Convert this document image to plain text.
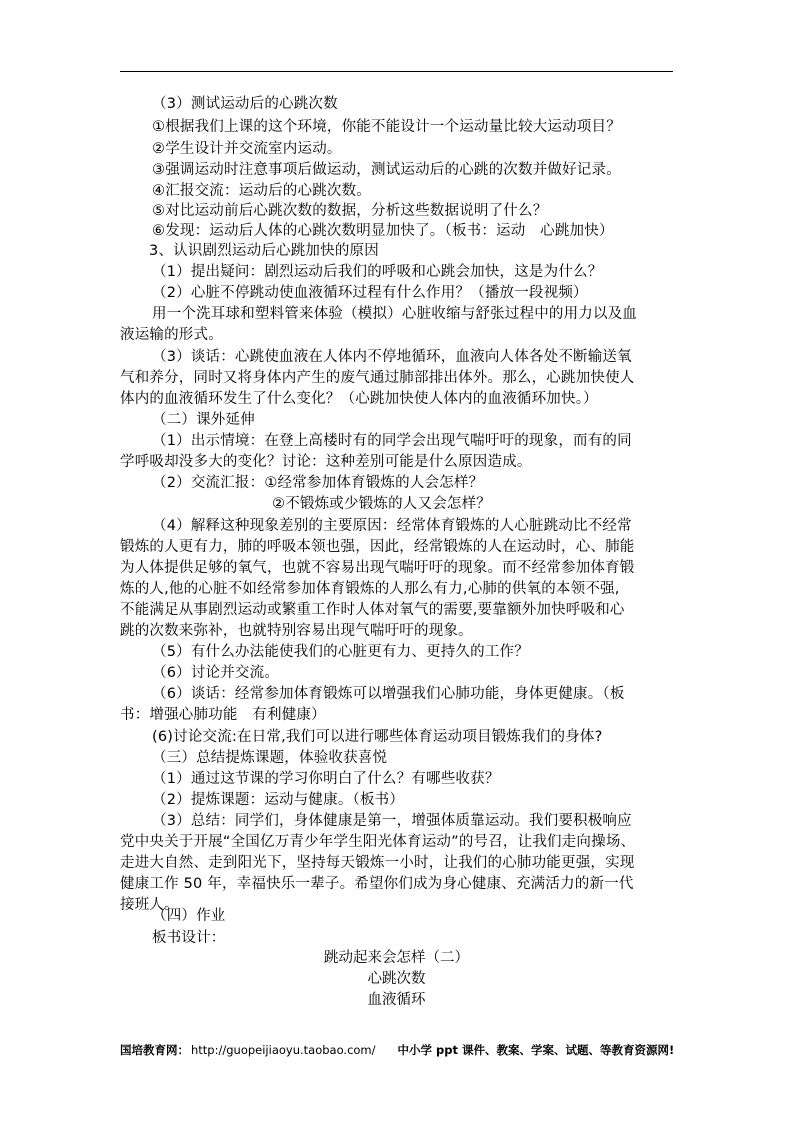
（3）测试运动后的心跳次数
①根据我们上课的这个环境，你能不能设计一个运动量比较大运动项目？
②学生设计并交流室内运动。
③强调运动时注意事项后做运动，测试运动后的心跳的次数并做好记录。
④汇报交流：运动后的心跳次数。
⑤对比运动前后心跳次数的数据，分析这些数据说明了什么？
⑥发现：运动后人体的心跳次数明显加快了。（板书：运动　心跳加快）
3、认识剧烈运动后心跳加快的原因
（1）提出疑问：剧烈运动后我们的呼吸和心跳会加快，这是为什么？
（2）心脏不停跳动使血液循环过程有什么作用？（播放一段视频）
用一个洗耳球和塑料管来体验（模拟）心脏收缩与舒张过程中的用力以及血
液运输的形式。
（3）谈话：心跳使血液在人体内不停地循环，血液向人体各处不断输送氧
气和养分，同时又将身体内产生的废气通过肺部排出体外。那么，心跳加快使人
体内的血液循环发生了什么变化？（心跳加快使人体内的血液循环加快。）
（二）课外延伸
（1）出示情境：在登上高楼时有的同学会出现气喘吁吁的现象，而有的同
学呼吸却没多大的变化？讨论：这种差别可能是什么原因造成。
（2）交流汇报：①经常参加体育锻炼的人会怎样？
②不锻炼或少锻炼的人又会怎样？
（4）解释这种现象差别的主要原因：经常体育锻炼的人心脏跳动比不经常
锻炼的人更有力，肺的呼吸本领也强，因此，经常锻炼的人在运动时，心、肺能
为人体提供足够的氧气，也就不容易出现气喘吁吁的现象。而不经常参加体育锻
炼的人,他的心脏不如经常参加体育锻炼的人那么有力,心肺的供氧的本领不强,
不能满足从事剧烈运动或繁重工作时人体对氧气的需要,要靠额外加快呼吸和心
跳的次数来弥补，也就特别容易出现气喘吁吁的现象。
（5）有什么办法能使我们的心脏更有力、更持久的工作？
（6）讨论并交流。
（6）谈话：经常参加体育锻炼可以增强我们心肺功能，身体更健康。（板
书：增强心肺功能　有利健康）
(6)讨论交流:在日常,我们可以进行哪些体育运动项目锻炼我们的身体?
（三）总结提炼课题，体验收获喜悦
（1）通过这节课的学习你明白了什么？有哪些收获？
（2）提炼课题：运动与健康。（板书）
（3）总结：同学们，身体健康是第一，增强体质靠运动。我们要积极响应
党中央关于开展“全国亿万青少年学生阳光体育运动”的号召，让我们走向操场、
走进大自然、走到阳光下，坚持每天锻炼一小时，让我们的心肺功能更强，实现
健康工作 50 年，幸福快乐一辈子。希望你们成为身心健康、充满活力的新一代
接班人。
（四）作业
板书设计：
跳动起来会怎样（二）
心跳次数
血液循环
国培教育网： http://guopeijiaoyu.taobao.com/ 中小学 ppt 课件、教案、学案、试题、等教育资源网!
